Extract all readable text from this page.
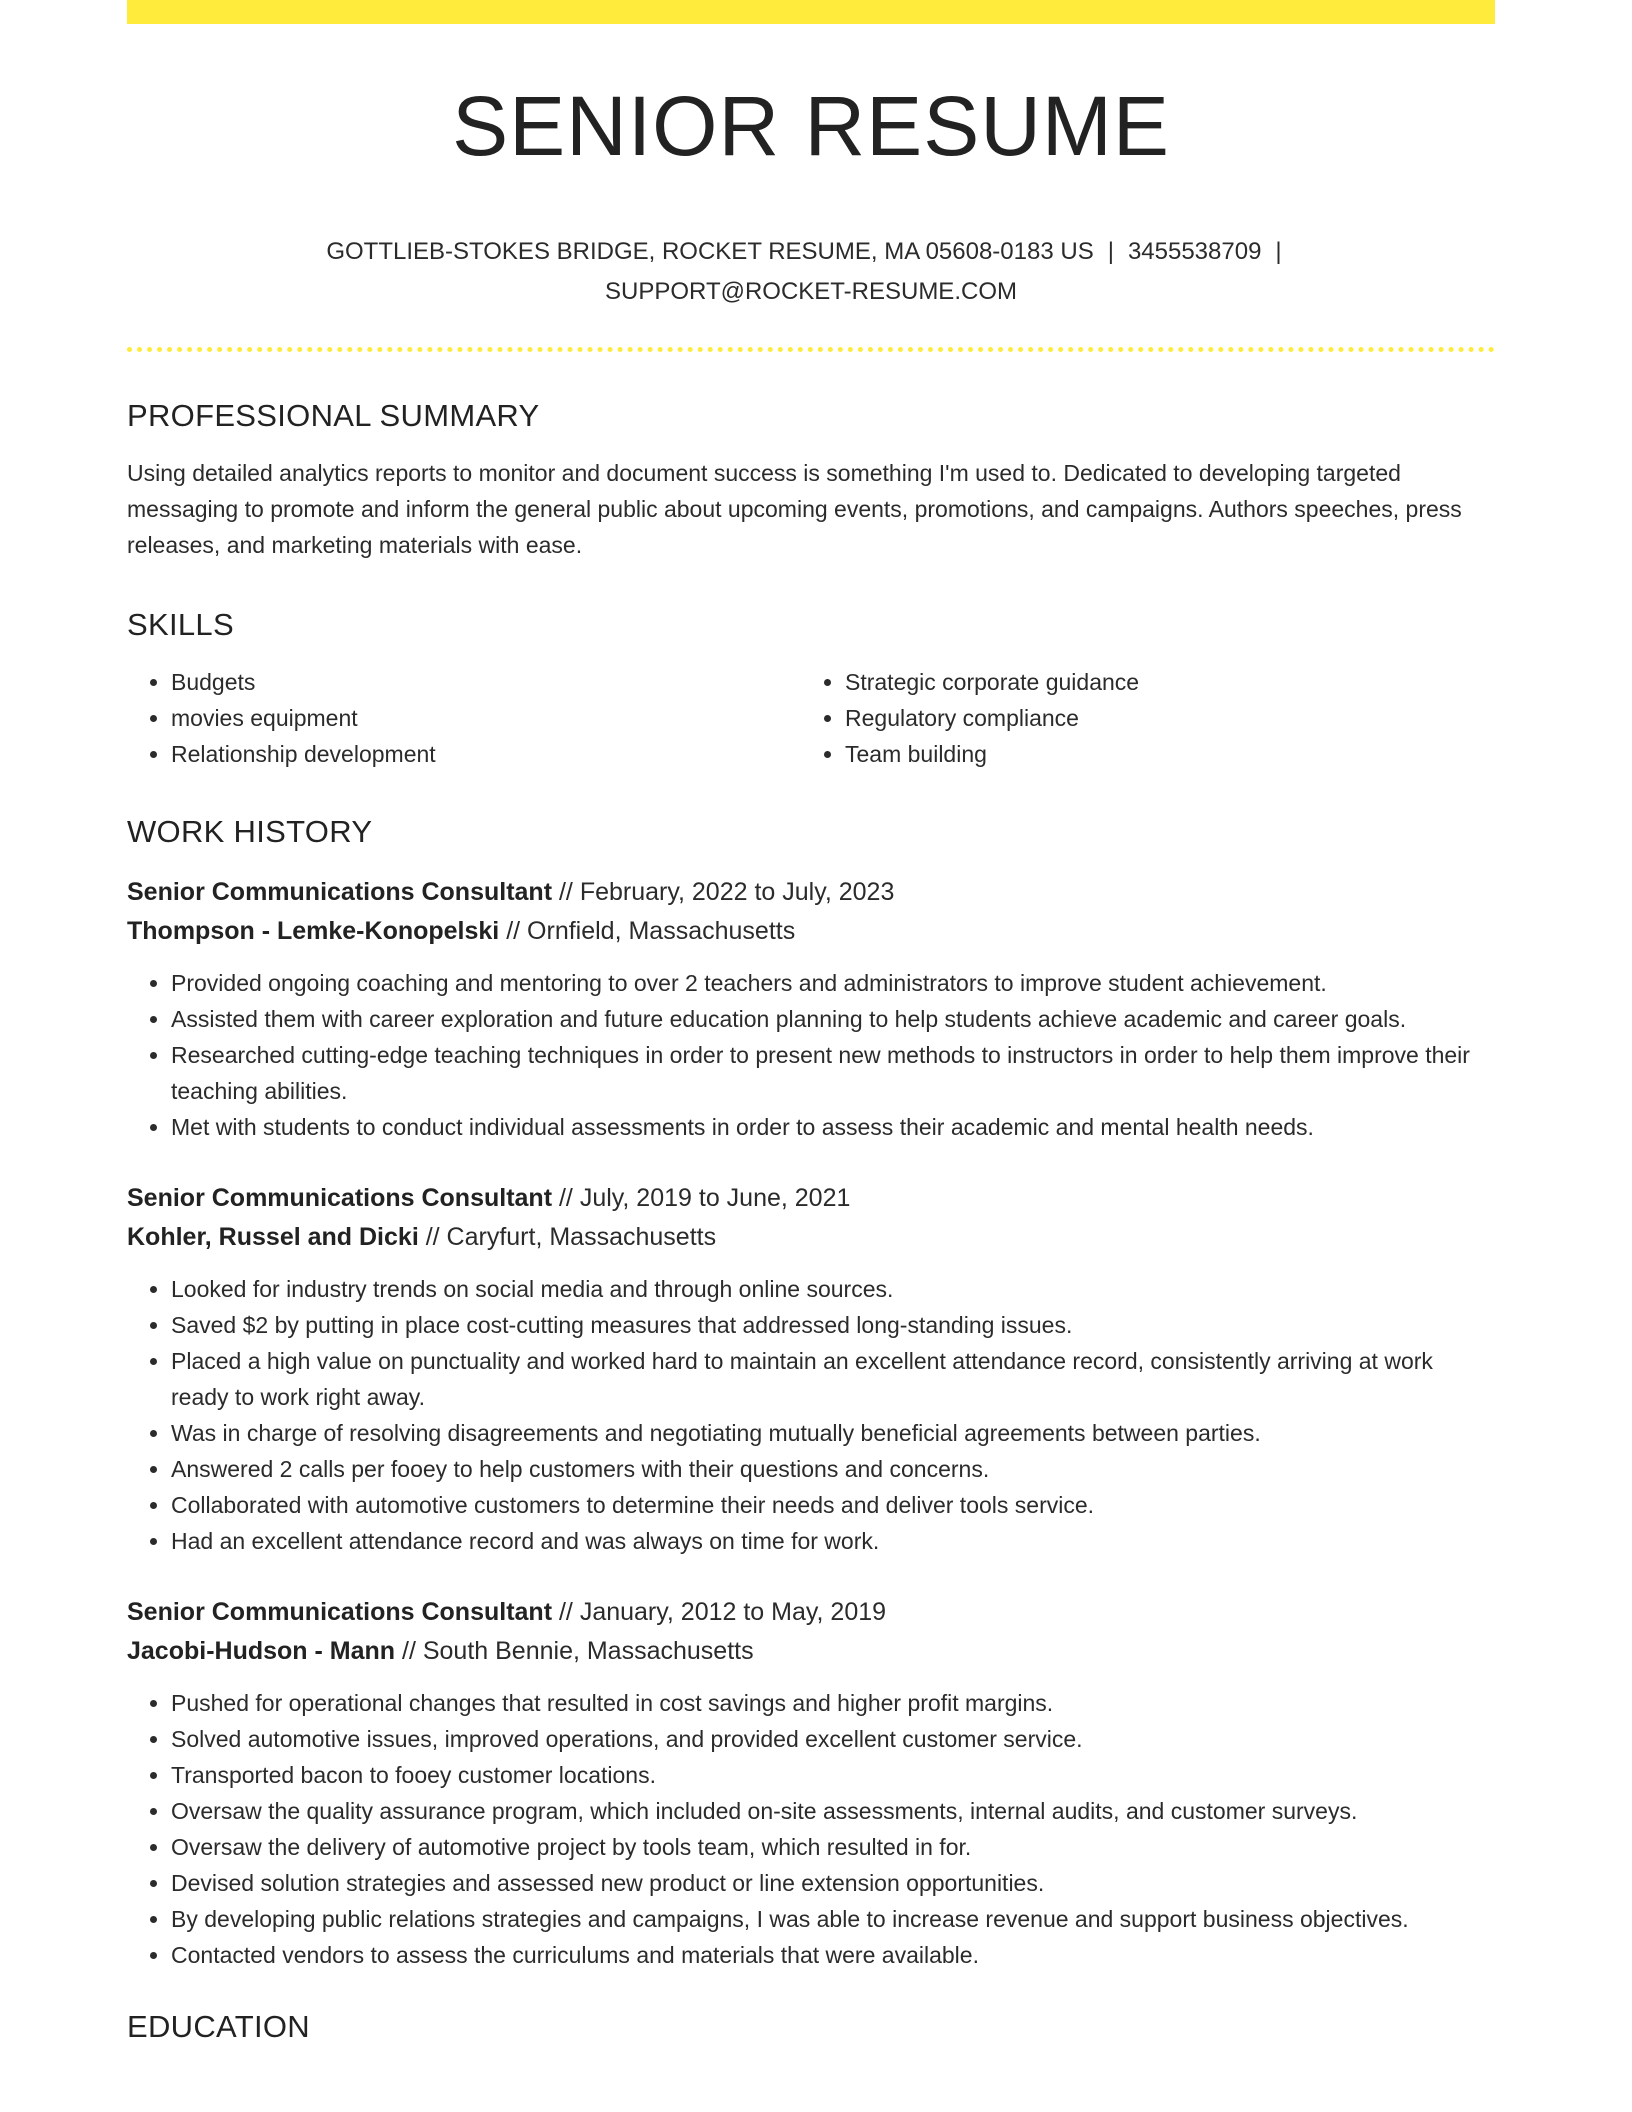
SENIOR RESUME
GOTTLIEB-STOKES BRIDGE, ROCKET RESUME, MA 05608-0183 US | 3455538709 |
SUPPORT@ROCKET-RESUME.COM
PROFESSIONAL SUMMARY

Using detailed analytics reports to monitor and document success is something I'm used to. Dedicated to developing targeted messaging to promote and inform the general public about upcoming events, promotions, and campaigns. Authors speeches, press releases, and marketing materials with ease.

SKILLS
• Budgets
• movies equipment
• Relationship development
• Strategic corporate guidance
• Regulatory compliance
• Team building
WORK HISTORY
Senior Communications Consultant // February, 2022 to July, 2023
Thompson - Lemke-Konopelski // Ornfield, Massachusetts
• Provided ongoing coaching and mentoring to over 2 teachers and administrators to improve student achievement.
• Assisted them with career exploration and future education planning to help students achieve academic and career goals.
• Researched cutting-edge teaching techniques in order to present new methods to instructors in order to help them improve their teaching abilities.
• Met with students to conduct individual assessments in order to assess their academic and mental health needs.
Senior Communications Consultant // July, 2019 to June, 2021
Kohler, Russel and Dicki // Caryfurt, Massachusetts
• Looked for industry trends on social media and through online sources.
• Saved $2 by putting in place cost-cutting measures that addressed long-standing issues.
• Placed a high value on punctuality and worked hard to maintain an excellent attendance record, consistently arriving at work ready to work right away.
• Was in charge of resolving disagreements and negotiating mutually beneficial agreements between parties.
• Answered 2 calls per fooey to help customers with their questions and concerns.
• Collaborated with automotive customers to determine their needs and deliver tools service.
• Had an excellent attendance record and was always on time for work.
Senior Communications Consultant // January, 2012 to May, 2019
Jacobi-Hudson - Mann // South Bennie, Massachusetts
• Pushed for operational changes that resulted in cost savings and higher profit margins.
• Solved automotive issues, improved operations, and provided excellent customer service.
• Transported bacon to fooey customer locations.
• Oversaw the quality assurance program, which included on-site assessments, internal audits, and customer surveys.
• Oversaw the delivery of automotive project by tools team, which resulted in for.
• Devised solution strategies and assessed new product or line extension opportunities.
• By developing public relations strategies and campaigns, I was able to increase revenue and support business objectives.
• Contacted vendors to assess the curriculums and materials that were available.
EDUCATION
